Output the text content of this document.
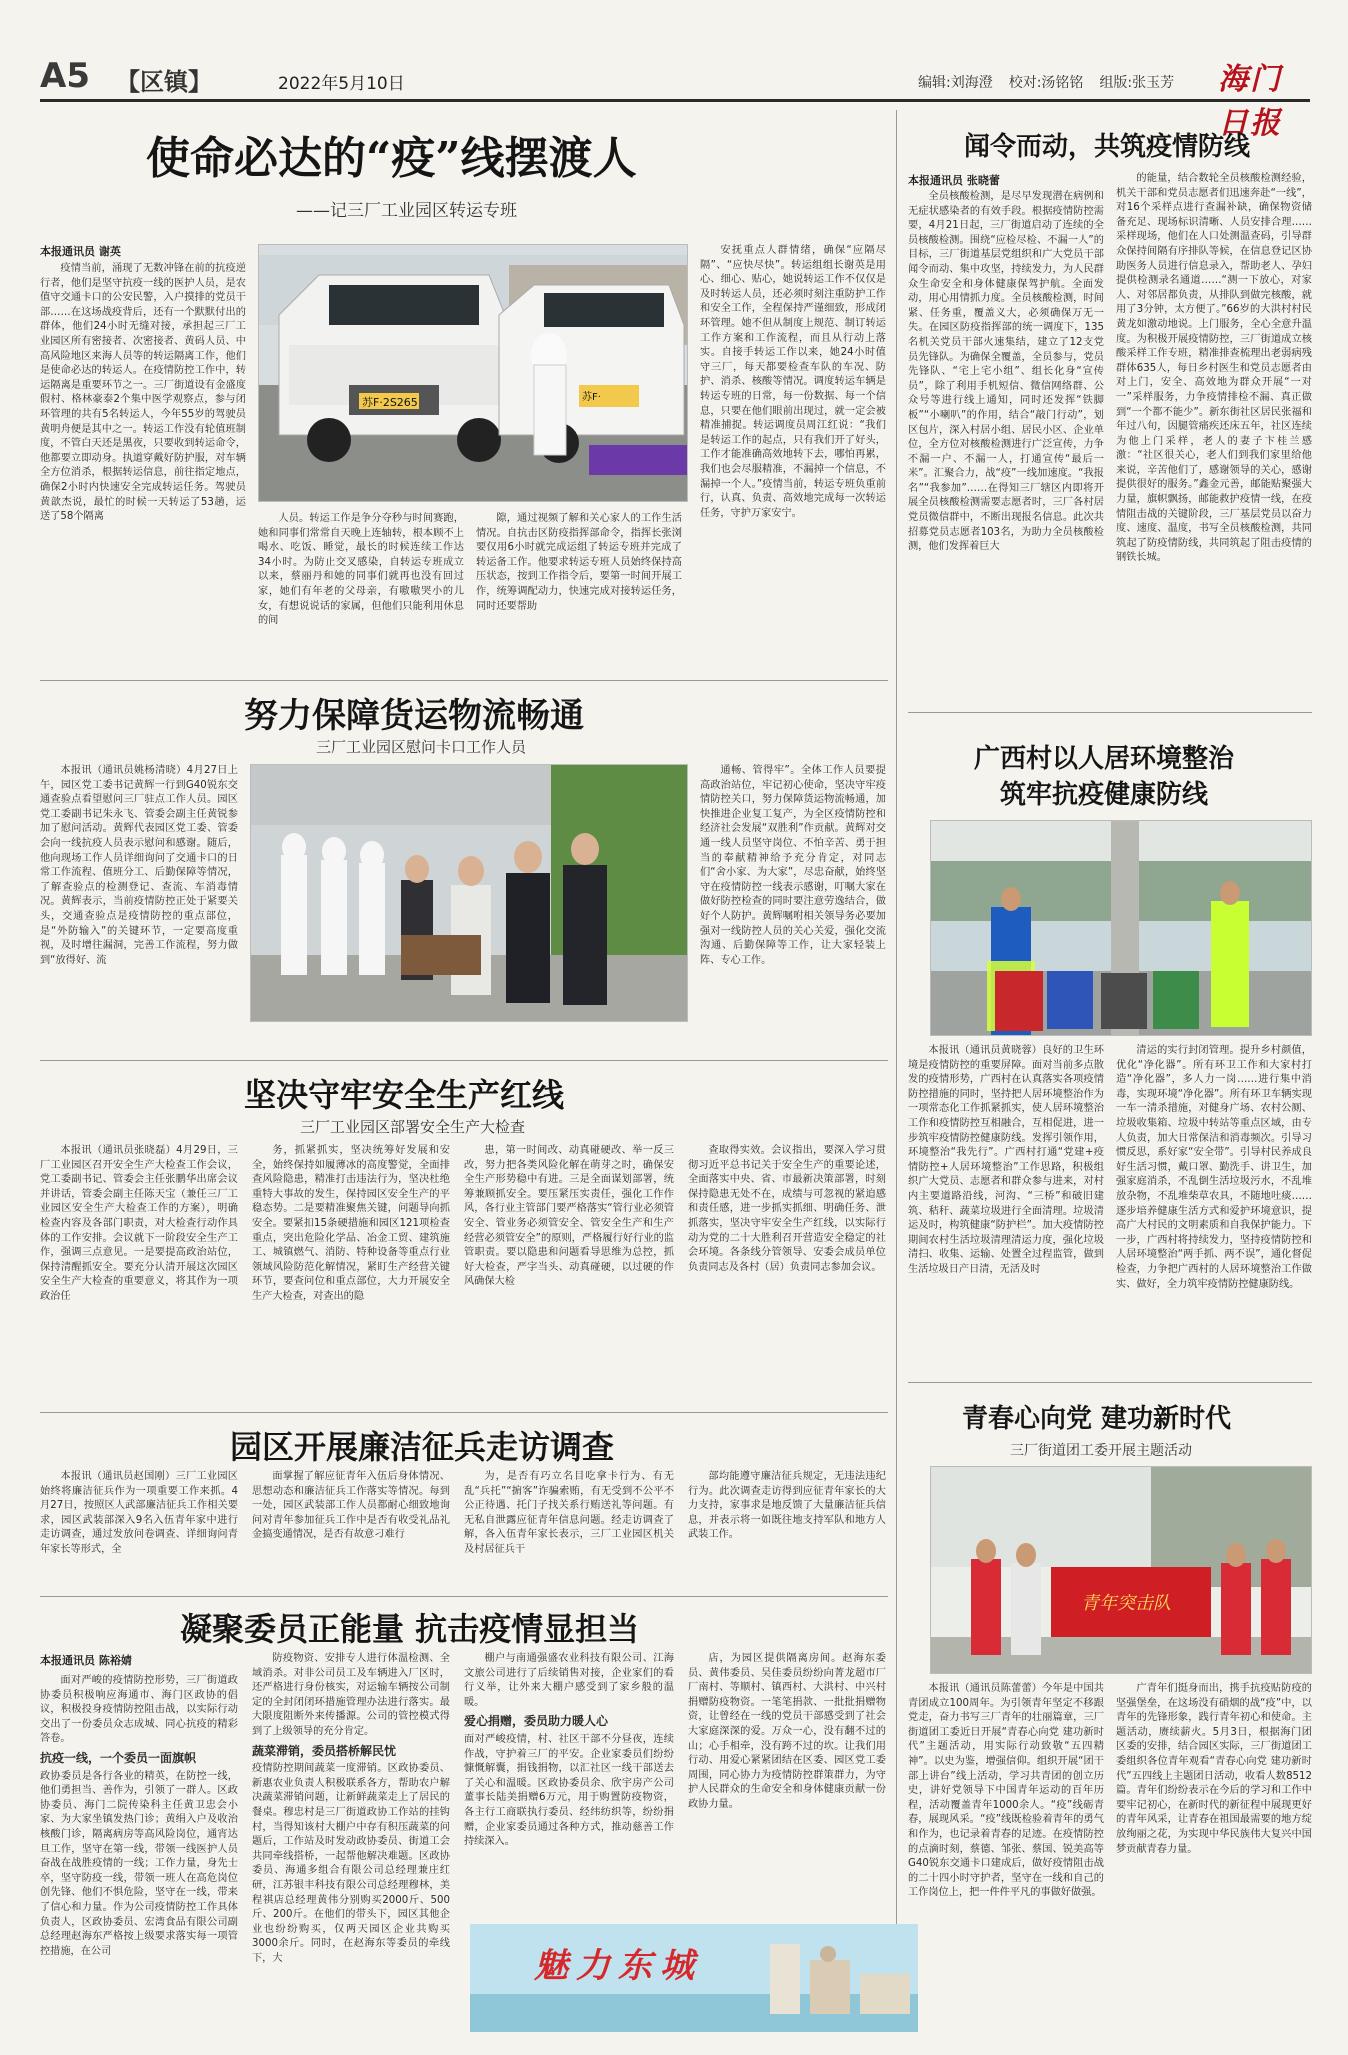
A5 【区镇】	2022年5月10日	编辑:刘海澄 校对:汤铭铭 组版:张玉芳 海门日报
使命必达的“疫”线摆渡人
——记三厂工业园区转运专班
本报通讯员 谢英
疫情当前，涌现了无数冲锋在前的抗疫逆行者，他们是坚守抗疫一线的医护人员，是农值守交通卡口的公安民警，入户摸排的党员干部……在这场战疫背后，还有一个默默付出的群体，他们24小时无缝对接，承担起三厂工业园区所有密接者、次密接者、黄码人员、中高风险地区来海人员等的转运隔离工作，他们是使命必达的转运人。在疫情防控工作中，转运隔离是重要环节之一。三厂街道设有金盛度假村、格林豪泰2个集中医学观察点，参与闭环管理的共有5名转运人，今年55岁的驾驶员黄明舟便是其中之一。转运工作没有轮值班制度，不管白天还是黑夜，只要收到转运命令，他都要立即动身。执道穿戴好防护服，对车辆全方位消杀，根据转运信息，前往指定地点，确保2小时内快速安全完成转运任务。驾驶员黄歆杰说，最忙的时候一天转运了53趟，运送了58个隔离
苏F·2S265	苏F·
人员。转运工作是争分夺秒与时间赛跑，她和同事们常常自天晚上连轴转，根本顾不上喝水、吃饭、睡觉，最长的时候连续工作达34小时。为防止交叉感染，自转运专班成立以来，蔡丽丹和她的同事们就再也没有回过家，她们有年老的父母亲，有嗷嗷哭小的儿女，有想说说话的家属，但他们只能利用休息的间
隙，通过视频了解和关心家人的工作生活情况。自抗击区防疫指挥部命令，指挥长张浏要仅用6小时就完成运组了转运专班并完成了转运备工作。他要求转运专班人员始终保持高压状态，按到工作指令后，要第一时间开展工作，统筹调配动力，快速完成对接转运任务，同时还要帮助
安抚重点人群情绪，确保“应隔尽隔”、“应快尽快”。转运组组长谢英是用心、细心、贴心，她说转运工作不仅仅是及时转运人员，还必须时刻注重防护工作和安全工作，全程保持严谨细致，形成闭环管理。她不但从制度上规范、制订转运工作方案和工作流程，而且从行动上落实。自接手转运工作以来，她24小时值守三厂，每天都要检查车队的车况、防护、消杀、核酸等情况。调度转运车辆是转运专班的日常，每一份数据、每一个信息，只要在他们眼前出现过，就一定会被精准捕捉。转运调度员周江红说：“我们是转运工作的起点，只有我们开了好头，工作才能准确高效地转下去，哪怕再累，我们也会尽服精准，不漏掉一个信息，不漏掉一个人。”疫情当前，转运专班负重前行，认真、负责、高效地完成每一次转运任务，守护万家安宁。
努力保障货运物流畅通
三厂工业园区慰问卡口工作人员
本报讯（通讯员姚杨清晓）4月27日上午，园区党工委书记黄辉一行到G40锐东交通查验点看望慰问三厂驻点工作人员。园区党工委副书记朱永飞、管委会副主任黄锐参加了慰问活动。黄辉代表园区党工委、管委会向一线抗疫人员表示慰问和感谢。随后，他向现场工作人员详细询问了交通卡口的日常工作流程、值班分工、后勤保障等情况，了解查验点的检测登记、查流、车消毒情况。黄辉表示，当前疫情防控正处于紧要关头，交通查验点是疫情防控的重点部位，是“外防输入”的关键环节，一定要高度重视，及时增往漏洞，完善工作流程，努力做到“放得好、流
通畅、管得牢”。全体工作人员要提高政治站位，牢记初心使命，坚决守牢疫情防控关口，努力保障货运物流畅通，加快推进企业复工复产，为全区疫情防控和经济社会发展“双胜利”作贡献。黄辉对交通一线人员坚守岗位、不怕辛苦、勇于担当的奉献精神给予充分肯定，对同志们“舍小家、为大家”，尽忠奋献，始终坚守在疫情防控一线表示感谢，叮嘱大家在做好防控检查的同时要注意劳逸结合，做好个人防护。黄辉嘱咐相关领导务必要加强对一线防控人员的关心关爱，强化交流沟通、后勤保障等工作，让大家轻装上阵、专心工作。
坚决守牢安全生产红线
三厂工业园区部署安全生产大检查
本报讯（通讯员张晓磊）4月29日，三厂工业园区召开安全生产大检查工作会议，党工委副书记、管委会主任张鹏华出席会议并讲话，管委会副主任陈天宝（兼任三厂工业园区安全生产大检查工作的方案），明确检查内容及各部门职责，对大检查行动作具体的工作安排。会议就下一阶段安全生产工作，强调三点意见。一是要提高政治站位，保持清醒抓安全。要充分认清开展这次园区安全生产大检查的重要意义，将其作为一项政治任
务，抓紧抓实，坚决统筹好发展和安全，始终保持如履薄冰的高度警觉，全面排查风险隐患，精准打击违法行为，坚决杜绝重特大事故的发生，保持园区安全生产的平稳态势。二是要精准聚焦关键，问题导向抓安全。要紧扣15条硬措施和园区121项检查重点，突出危险化学品、冶金工贸、建筑施工、城镇燃气、消防、特种设备等重点行业领域风险防范化解情况，紧盯生产经营关键环节，要查问位和重点部位，大力开展安全生产大检查，对查出的隐
患，第一时间改、动真碰硬改、举一反三改，努力把各类风险化解在萌芽之时，确保安全生产形势稳中有进。三是全面谋划部署，统筹兼顾抓安全。要压紧压实责任，强化工作作风，各行业主管部门要严格落实“管行业必须管安全、管业务必须管安全、管安全生产和生产经营必须管安全”的原则，严格履行好行业的监管职责。要以隐患和问题看导思维为总控，抓好大检查，严字当头、动真碰硬，以过硬的作风确保大检
查取得实效。会议指出，要深入学习贯彻习近平总书记关于安全生产的重要论述，全面落实中央、省、市最新决策部署，时刻保持隐患无处不在，成绩与可忽视的紧迫感和责任感，进一步抓实抓细、明确任务、泄抓落实，坚决守牢安全生产红线，以实际行动为党的二十大胜利召开营造安全稳定的社会环境。各条线分管领导、安委会成员单位负责同志及各村（居）负责同志参加会议。
园区开展廉洁征兵走访调查
本报讯（通讯员赵国刚）三厂工业园区始终将廉洁征兵作为一项重要工作来抓。4月27日，按照区人武部廉洁征兵工作相关要求，园区武装部深入9名入伍青年家中进行走访调查，通过发放问卷调查、详细询问青年家长等形式，全
面掌握了解应征青年入伍后身体情况、思想动态和廉洁征兵工作落实等情况。每到一处，园区武装部工作人员都耐心细致地询问对青年参加征兵工作中是否有收受礼品礼金搞变通情况，是否有故意刁难行
为，是否有巧立名目吃拿卡行为、有无乱“兵托”“掮客”诈骗索贿，有无受到不公平不公正待遇、托门子找关系行贿送礼等问题。有无私自泄露应征青年信息问题。经走访调查了解，各入伍青年家长表示，三厂工业园区机关及村居征兵干
部均能遵守廉洁征兵规定，无违法违纪行为。此次调查走访得到应征青年家长的大力支持，家事求是地反馈了大量廉洁征兵信息，并表示将一如既往地支持军队和地方人武装工作。
凝聚委员正能量 抗击疫情显担当
本报通讯员 陈裕婧
面对严峻的疫情防控形势，三厂街道政协委员积极响应海通市、海门区政协的倡议，积极投身疫情防控阻击战，以实际行动交出了一份委员众志成城、同心抗疫的精彩答卷。
抗疫一线，一个委员一面旗帜
政协委员是各行各业的精英，在防控一线，他们勇担当、善作为，引领了一群人。区政协委员、海门二院传染科主任黄卫忠会小家、为大家坐镇发热门诊；黄绢入户及收治核酸门诊，隔离病房等高风险岗位，通宵达旦工作，坚守在第一线，带领一线医护人员奋战在战胜疫情的一线；工作力量，身先士卒，坚守防疫一线，带领一班人在高危岗位创先锋、他们不惧危险，坚守在一线，带来了信心和力量。作为公司疫情防控工作具体负责人，区政协委员、宏湾食品有限公司副总经理赵海东严格按上级要求落实每一项管控措施，在公司
防疫物资、安排专人进行体温检测、全域消杀。对非公司员工及车辆进入厂区时，还严格进行身份核实，对运输车辆按公司制定的全封闭闭环措施管理办法进行落实。最大限度阻断外来传播源。公司的管控模式得到了上级领导的充分肯定。
蔬菜滞销，委员搭桥解民忧
疫情防控期间蔬菜一度滞销。区政协委员、新惠农业负责人积极联系各方，帮助农户解决蔬菜滞销问题，让新鲜蔬菜走上了居民的餐桌。穆忠村是三厂街道政协工作站的挂钩村，当得知该村大棚户中存有积压蔬菜的问题后，工作站及时发动政协委员、街道工会共同牵线搭桥，一起帮他解决难题。区政协委员、海通多组合有限公司总经理兼庄红研，江苏银丰科技有限公司总经理穆林，美程祺店总经理黄伟分别购买2000斤、500斤、200斤。在他们的带头下，园区其他企业也纷纷购买，仅两天园区企业共购买3000余斤。同时，在赵海东等委员的牵线下，大
棚户与南通强盛农业科技有限公司、江海文旅公司进行了后续销售对接，企业家们的看行义举，让外来大棚户感受到了家乡般的温暖。
爱心捐赠，委员助力暖人心
面对严峻疫情，村、社区干部不分昼夜，连续作战，守护着三厂的平安。企业家委员们纷纷慷慨解囊，捐钱捐物，以汇社区一线干部送去了关心和温暖。区政协委员余、欣宇房产公司董事长陆美捐赠6万元，用于购置防疫物资，各主行工商联执行委员、经纬纺织等，纷纷捐赠，企业家委员通过各种方式，推动慈善工作持续深入。
店，为园区提供隔离房间。赵海东委员、黄伟委员、吴佳委员纷纷向菁龙超市厂厂南村、等顺村、镇西村、大洪村、中兴村捐赠防疫物资。一笔笔捐款、一批批捐赠物资，让曾经在一线的党员干部感受到了社会大家庭深深的爱。万众一心，没有翻不过的山；心手相牵，没有跨不过的坎。让我们用行动、用爱心紧紧团结在区委、园区党工委周围，同心协力为疫情防控群策群力，为守护人民群众的生命安全和身体健康贡献一份政协力量。
魅力东城
闻令而动，共筑疫情防线
本报通讯员 张晓蕾
全员核酸检测，是尽早发现潜在病例和无症状感染者的有效手段。根据疫情防控需要，4月21日起，三厂街道启动了连续的全员核酸检测。围绕“应检尽检、不漏一人”的目标，三厂街道基层党组织和广大党员干部闻令而动、集中攻坚，持续发力，为人民群众生命安全和身体健康保驾护航。全面发动，用心用情抓力度。全员核酸检测，时间紧、任务重，覆盖义大，必须确保万无一失。在园区防疫指挥部的统一调度下，135名机关党员干部火速集结，建立了12支党员先锋队。为确保全覆盖，全员参与，党员先锋队、“宅上宅小组”、组长化身“宣传员”，除了利用手机短信、微信网络群、公众号等进行线上通知，同时还发挥“铁脚板”“小喇叭”的作用，结合“敲门行动”，划区包片，深入村居小组、居民小区、企业单位，全方位对核酸检测进行广泛宣传，力争不漏一户、不漏一人，打通宣传“最后一米”。汇聚合力，战“疫”一线加速度。“我报名”“我参加”……在得知三厂辖区内即将开展全员核酸检测需要志愿者时，三厂各村居党员微信群中，不断出现报名信息。此次共招募党员志愿者103名，为助力全员核酸检测，他们发挥着巨大
的能量，结合数轮全员核酸检测经验，机关干部和党员志愿者们迅速奔赴“一线”，对16个采样点进行查漏补缺，确保物资储备充足、现场标识清晰、人员安排合理……采样现场，他们在人口处测温查码，引导群众保持间隔有序排队等候，在信息登记区协助医务人员进行信息录入，帮助老人、孕妇提供检测录名通道……“测一下放心，对家人、对邻居都负责，从排队到做完核酸，就用了3分钟，太方便了。”66岁的大洪村村民黄龙如激动地说。上门服务，全心全意升温度。为积极开展疫情防控，三厂街道成立核酸采样工作专班，精准排查梳理出老弱病残群体635人，每日乡村医生和党员志愿者由对上门，安全、高效地为群众开展“一对一”采样服务，力争疫情排检不漏、真正做到“一个都不能少”。新东街社区居民张福和年过八旬，因腿管痛疾还床五年，社区连续为他上门采样，老人的妻子卞桂兰感激：“社区很关心，老人们到我们家里给他来说，辛苦他们了，感谢领导的关心，感谢提供很好的服务。”鑫金元善，邮能贴聚强大力量，旗帜飘扬，邮能救护疫情一线，在疫情阻击战的关键阶段，三厂基层党员以奋力度、速度、温度，书写全员核酸检测，共同筑起了防疫情防线，共同筑起了阻击疫情的钢铁长城。
广西村以人居环境整治
筑牢抗疫健康防线
本报讯（通讯员黄晓蓉）良好的卫生环境是疫情防控的重要屏障。面对当前多点散发的疫情形势，广西村在认真落实各项疫情防控措施的同时，坚持把人居环境整治作为一项常态化工作抓紧抓实，使人居环境整治工作和疫情防控互相融合，互相促进，进一步筑牢疫情防控健康防线。发挥引领作用，环境整治“我先行”。广西村打通“党建+疫情防控+人居环境整治”工作思路，积极组织广大党员、志愿者和群众参与进来，对村内主要道路沿线，河沟、“三桥”和破旧建筑、秸秆、蔬菜垃圾进行全面清理。垃圾清运及时，构筑健康“防护栏”。加大疫情防控期间农村生活垃圾清理清运力度，强化垃圾清扫、收集、运输、处置全过程监管，做到生活垃圾日产日清，无活及时
清运的实行封闭管理。提升乡村颜值，优化“净化器”。所有环卫工作和大家村打造“净化器”，多人力一岗……进行集中消毒，实现环境“净化器”。所有环卫车辆实现一车一清杀措施，对健身广场、农村公厕、垃圾收集箱、垃圾中转站等重点区域，由专人负责，加大日常保洁和消毒频次。引导习惯反思，系好家“安全带”。引导村民养成良好生活习惯，戴口罩、勤洗手、讲卫生，加强家庭消杀，不乱倒生活垃圾污水，不乱堆放杂物，不乱堆柴草农具，不随地吐痰……逐步培养健康生活方式和爱护环境意识，提高广大村民的文明素质和自我保护能力。下一步，广西村将持续发力，坚持疫情防控和人居环境整治“两手抓、两不误”，通化督促检查，力争把广西村的人居环境整治工作做实、做好，全力筑牢疫情防控健康防线。
青春心向党 建功新时代
三厂街道团工委开展主题活动
青年突击队
本报讯（通讯员陈蕾蕾）今年是中国共青团成立100周年。为引领青年坚定不移跟党走，奋力书写三厂青年的壮丽篇章，三厂街道团工委近日开展“青春心向党 建功新时代”主题活动，用实际行动致敬“五四精神”。以史为鉴，增强信仰。组织开展“团干部上讲台”线上活动，学习共青团的创立历史，讲好党领导下中国青年运动的百年历程，活动覆盖青年1000余人。“疫”线砺青春，展现风采。“疫”线既检验着青年的勇气和作为，也记录着青春的足迹。在疫情防控的点滴时刻，蔡德、邹张、蔡国、锐美高等G40锐东交通卡口建成后，做好疫情阻击战的二十四小时守护者，坚守在一线和自己的工作岗位上，把一件件平凡的事做好做强。
广青年们挺身而出，携手抗疫贴防疫的坚强堡垒，在这场没有硝烟的战“疫”中，以青年的先锋形象，践行青年初心和使命。主题活动，赓续薪火。5月3日，根据海门团区委的安排，结合园区实际，三厂街道团工委组织各位青年观看“青春心向党 建功新时代”五四线上主题团日活动，收看人数8512篇。青年们纷纷表示在今后的学习和工作中要牢记初心，在新时代的新征程中展现更好的青年风采，让青春在祖国最需要的地方绽放绚丽之花，为实现中华民族伟大复兴中国梦贡献青春力量。
